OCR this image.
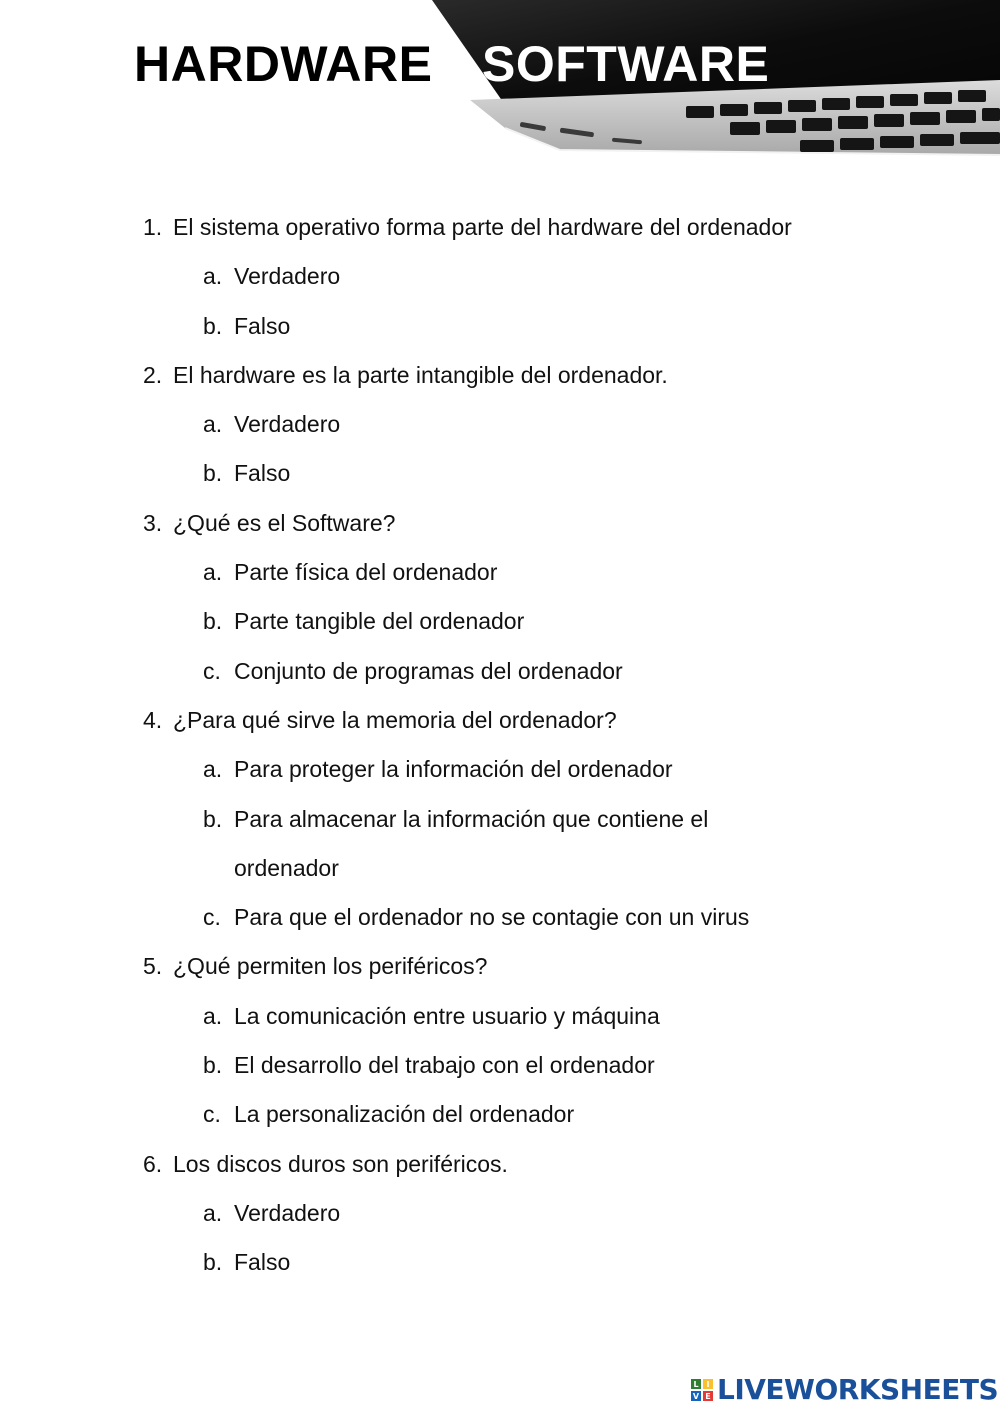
HARDWARE SOFTWARE
1. El sistema operativo forma parte del hardware del ordenador
a. Verdadero
b. Falso
2. El hardware es la parte intangible del ordenador.
a. Verdadero
b. Falso
3. ¿Qué es el Software?
a. Parte física del ordenador
b. Parte tangible del ordenador
c. Conjunto de programas del ordenador
4. ¿Para qué sirve la memoria del ordenador?
a. Para proteger la información del ordenador
b. Para almacenar la información que contiene el
ordenador
c. Para que el ordenador no se contagie con un virus
5. ¿Qué permiten los periféricos?
a. La comunicación entre usuario y máquina
b. El desarrollo del trabajo con el ordenador
c. La personalización del ordenador
6. Los discos duros son periféricos.
a. Verdadero
b. Falso
L I
V E LIVEWORKSHEETS
